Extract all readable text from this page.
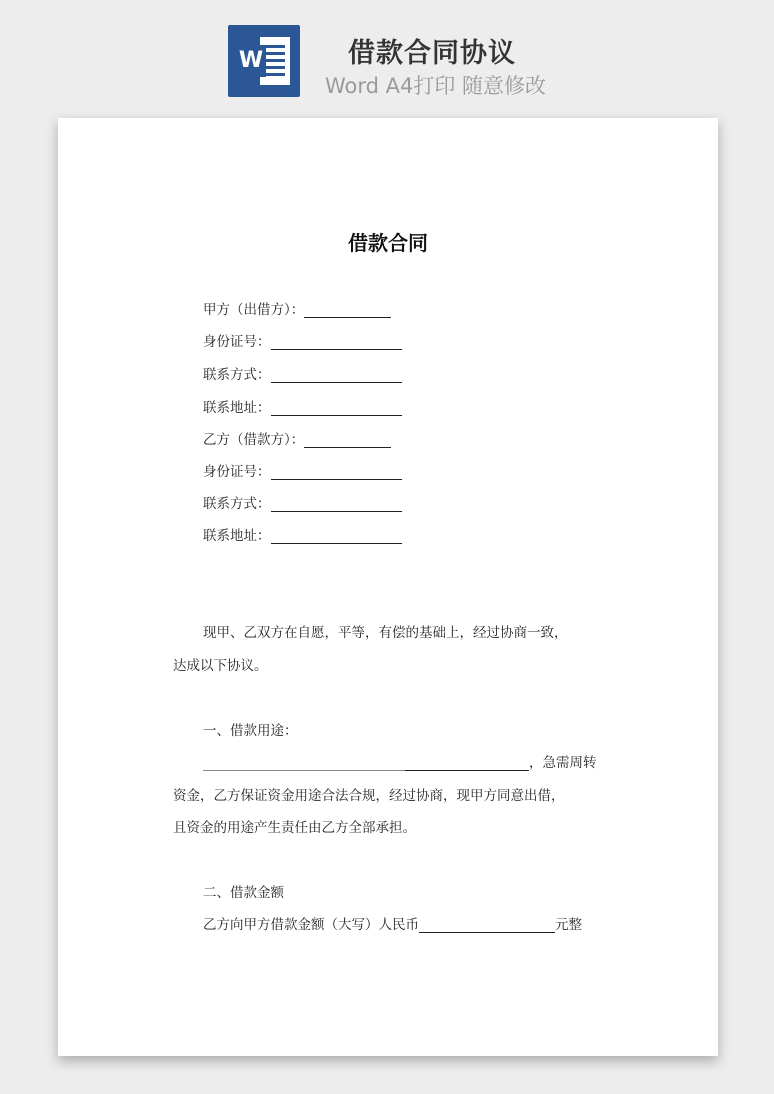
W	借款合同协议
Word A4打印 随意修改
借款合同
甲方（出借方）：
身份证号：
联系方式：
联系地址：
乙方（借款方）：
身份证号：
联系方式：
联系地址：
现甲、乙双方在自愿，平等，有偿的基础上，经过协商一致，
达成以下协议。
一、借款用途：
，急需周转
资金，乙方保证资金用途合法合规，经过协商，现甲方同意出借，
且资金的用途产生责任由乙方全部承担。
二、借款金额
乙方向甲方借款金额（大写）人民币	元整
